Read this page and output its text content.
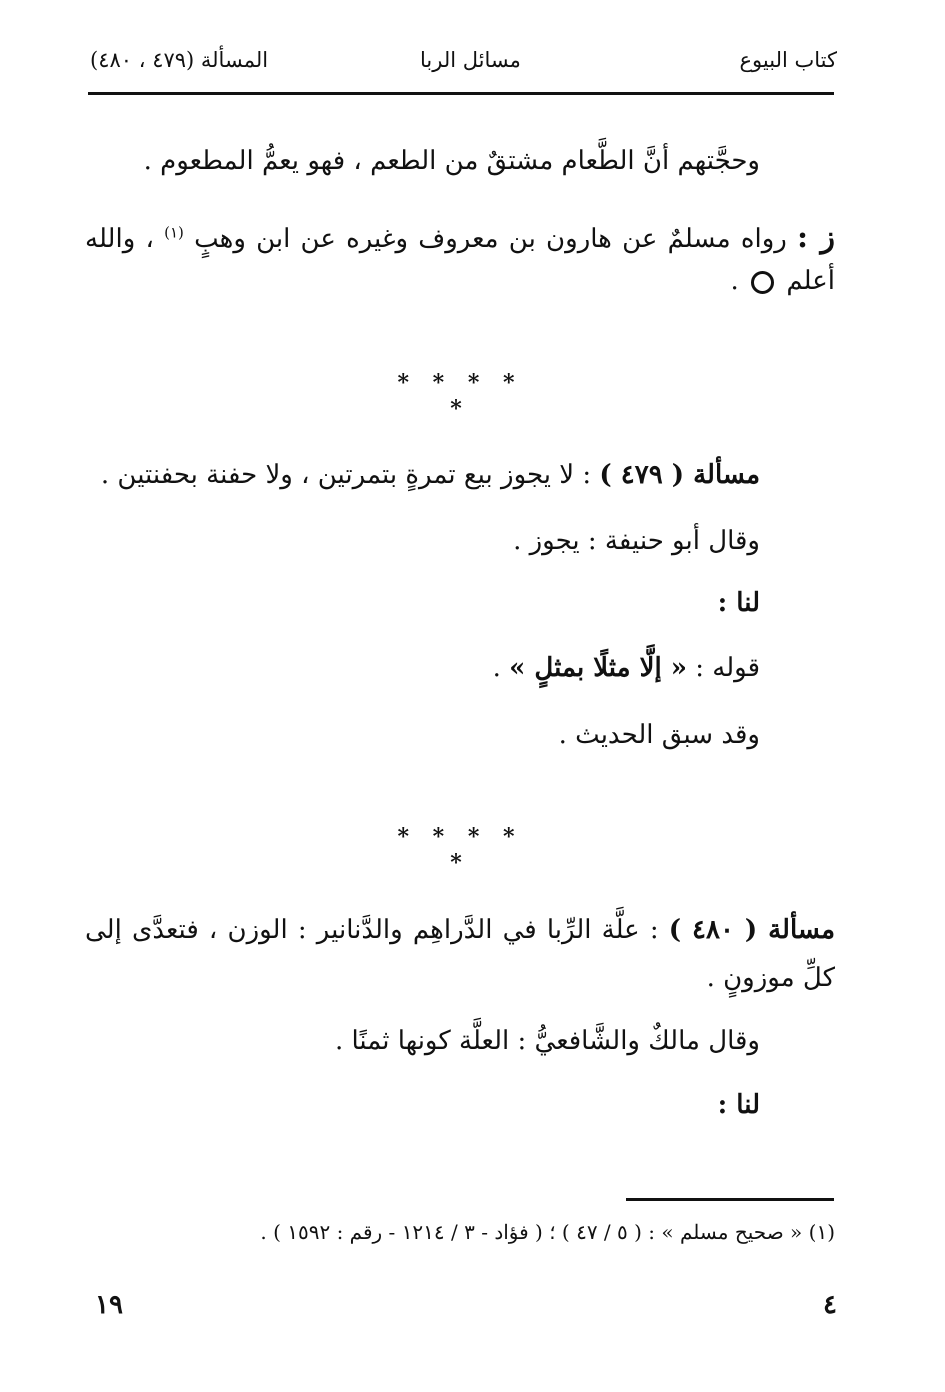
كتاب البيوع
مسائل الربا
المسألة (٤٧٩ ، ٤٨٠)
وحجَّتهم أنَّ الطَّعام مشتقٌ من الطعم ، فهو يعمُّ المطعوم .
ز : رواه مسلمٌ عن هارون بن معروف وغيره عن ابن وهبٍ $^{(١)}$ ، والله
أعلم  .
* * * * *
مسألة ( ٤٧٩ ) : لا يجوز بيع تمرةٍ بتمرتين ، ولا حفنة بحفنتين .
وقال أبو حنيفة : يجوز .
لنا :
قوله : « إلَّا مثلًا بمثلٍ » .
وقد سبق الحديث .
* * * * *
مسألة ( ٤٨٠ ) : علَّة الرِّبا في الدَّراهِم والدَّنانير : الوزن ، فتعدَّى إلى
كلِّ موزونٍ .
وقال مالكٌ والشَّافعيُّ : العلَّة كونها ثمنًا .
لنا :
(١) « صحيح مسلم » : ( ٥ / ٤٧ ) ؛ ( فؤاد - ٣ / ١٢١٤ - رقم : ١٥٩٢ ) .
٤
١٩
